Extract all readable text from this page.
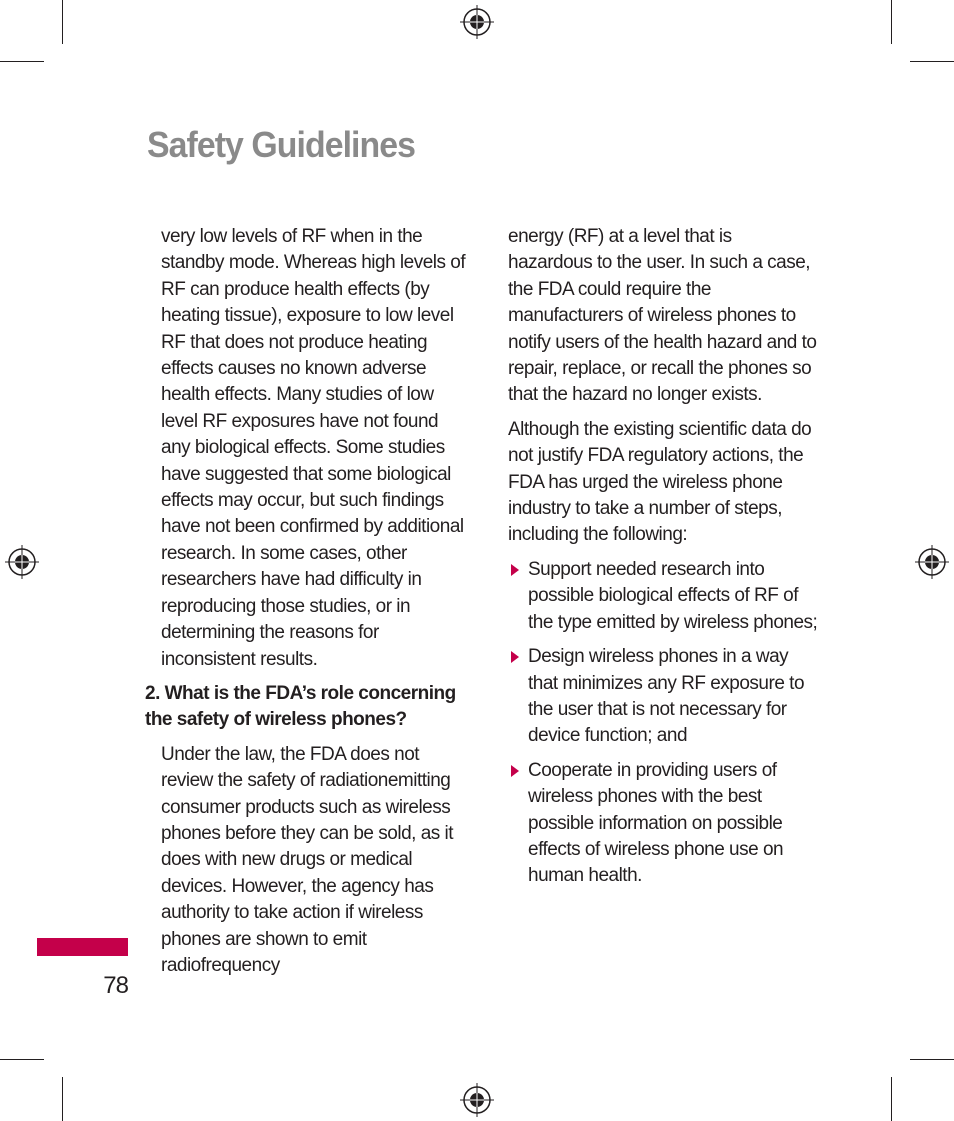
Safety Guidelines

very low levels of RF when in the standby mode. Whereas high levels of RF can produce health effects (by heating tissue), exposure to low level RF that does not produce heating effects causes no known adverse health effects. Many studies of low level RF exposures have not found any biological effects. Some studies have suggested that some biological effects may occur, but such findings have not been confirmed by additional research. In some cases, other researchers have had difficulty in reproducing those studies, or in determining the reasons for inconsistent results.

2. What is the FDA’s role concerning the safety of wireless phones?

Under the law, the FDA does not review the safety of radiationemitting consumer products such as wireless phones before they can be sold, as it does with new drugs or medical devices. However, the agency has authority to take action if wireless phones are shown to emit radiofrequency

energy (RF) at a level that is hazardous to the user. In such a case, the FDA could require the manufacturers of wireless phones to notify users of the health hazard and to repair, replace, or recall the phones so that the hazard no longer exists.

Although the existing scientific data do not justify FDA regulatory actions, the FDA has urged the wireless phone industry to take a number of steps, including the following:

Support needed research into possible biological effects of RF of the type emitted by wireless phones;
Design wireless phones in a way that minimizes any RF exposure to the user that is not necessary for device function; and
Cooperate in providing users of wireless phones with the best possible information on possible effects of wireless phone use on human health.
78
